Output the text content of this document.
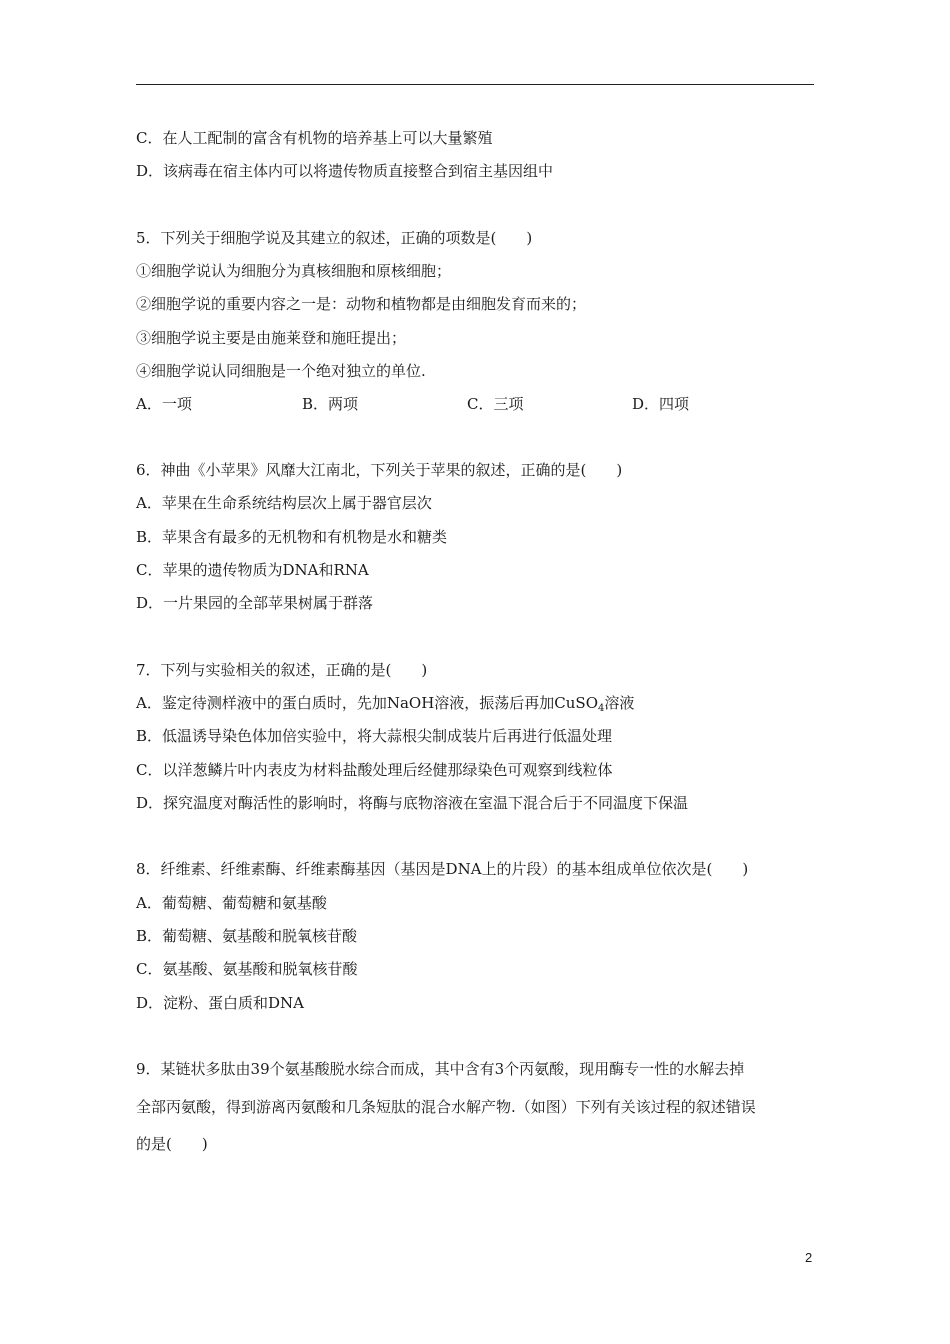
C．在人工配制的富含有机物的培养基上可以大量繁殖
D．该病毒在宿主体内可以将遗传物质直接整合到宿主基因组中
5．下列关于细胞学说及其建立的叙述，正确的项数是(　　)
①细胞学说认为细胞分为真核细胞和原核细胞；
②细胞学说的重要内容之一是：动物和植物都是由细胞发育而来的；
③细胞学说主要是由施莱登和施旺提出；
④细胞学说认同细胞是一个绝对独立的单位.
A．一项	B．两项	C．三项	D．四项
6．神曲《小苹果》风靡大江南北，下列关于苹果的叙述，正确的是(　　)
A．苹果在生命系统结构层次上属于器官层次
B．苹果含有最多的无机物和有机物是水和糖类
C．苹果的遗传物质为DNA和RNA
D．一片果园的全部苹果树属于群落
7．下列与实验相关的叙述，正确的是(　　)
A．鉴定待测样液中的蛋白质时，先加NaOH溶液，振荡后再加CuSO$_4$溶液
B．低温诱导染色体加倍实验中，将大蒜根尖制成装片后再进行低温处理
C．以洋葱鳞片叶内表皮为材料盐酸处理后经健那绿染色可观察到线粒体
D．探究温度对酶活性的影响时，将酶与底物溶液在室温下混合后于不同温度下保温
8．纤维素、纤维素酶、纤维素酶基因（基因是DNA上的片段）的基本组成单位依次是(　　)
A．葡萄糖、葡萄糖和氨基酸
B．葡萄糖、氨基酸和脱氧核苷酸
C．氨基酸、氨基酸和脱氧核苷酸
D．淀粉、蛋白质和DNA
9．某链状多肽由39个氨基酸脱水综合而成，其中含有3个丙氨酸，现用酶专一性的水解去掉
全部丙氨酸，得到游离丙氨酸和几条短肽的混合水解产物.（如图）下列有关该过程的叙述错误
的是(　　)
2
